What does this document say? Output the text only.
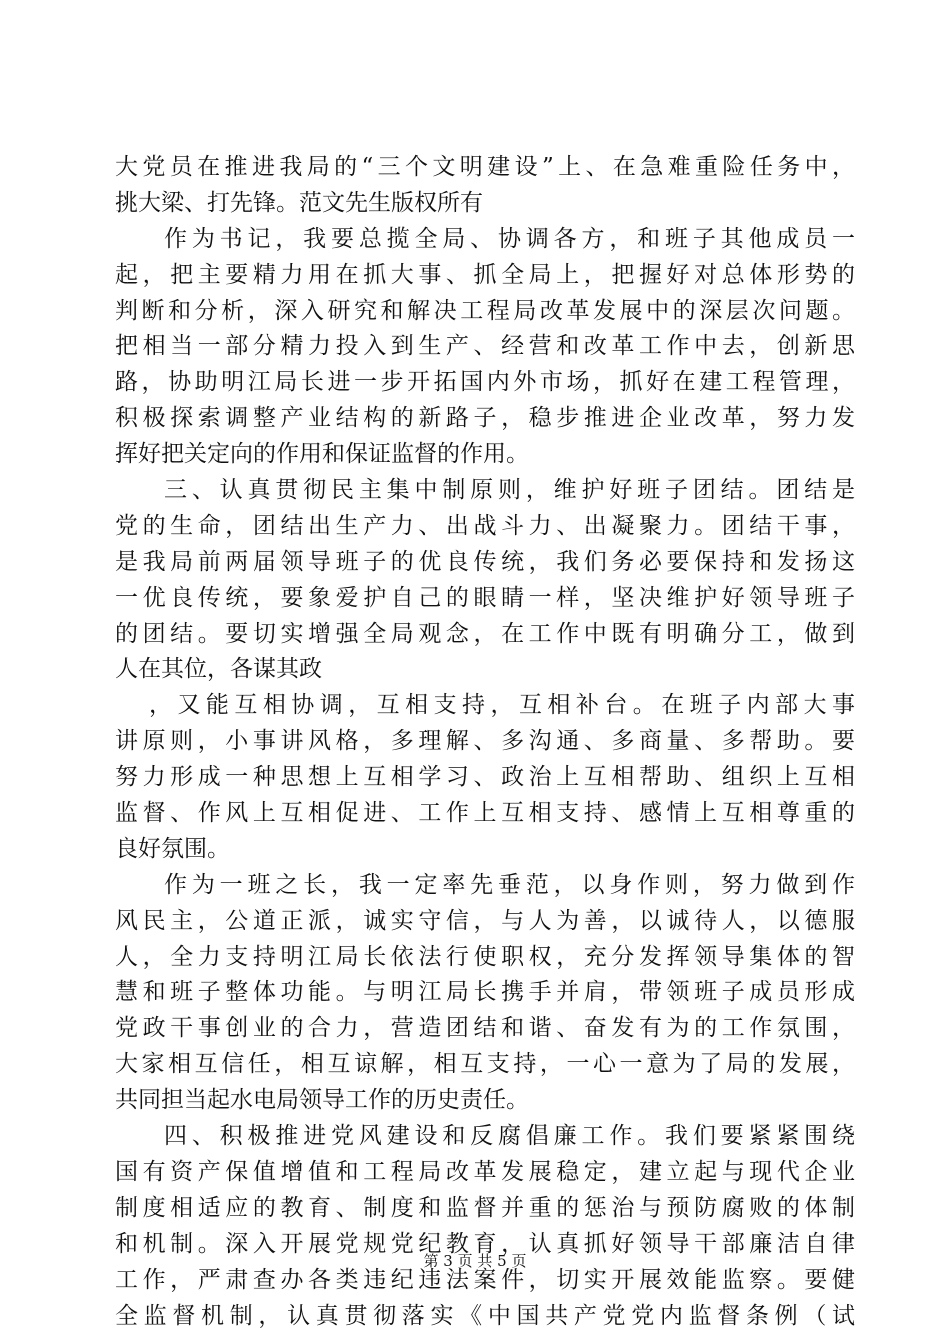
大党员在推进我局的“三个文明建设”上、在急难重险任务中，
挑大梁、打先锋。范文先生版权所有
作为书记，我要总揽全局、协调各方，和班子其他成员一
起，把主要精力用在抓大事、抓全局上，把握好对总体形势的
判断和分析，深入研究和解决工程局改革发展中的深层次问题。
把相当一部分精力投入到生产、经营和改革工作中去，创新思
路，协助明江局长进一步开拓国内外市场，抓好在建工程管理，
积极探索调整产业结构的新路子，稳步推进企业改革，努力发
挥好把关定向的作用和保证监督的作用。
三、认真贯彻民主集中制原则，维护好班子团结。团结是
党的生命，团结出生产力、出战斗力、出凝聚力。团结干事，
是我局前两届领导班子的优良传统，我们务必要保持和发扬这
一优良传统，要象爱护自己的眼睛一样，坚决维护好领导班子
的团结。要切实增强全局观念，在工作中既有明确分工，做到
人在其位，各谋其政
，又能互相协调，互相支持，互相补台。在班子内部大事
讲原则，小事讲风格，多理解、多沟通、多商量、多帮助。要
努力形成一种思想上互相学习、政治上互相帮助、组织上互相
监督、作风上互相促进、工作上互相支持、感情上互相尊重的
良好氛围。
作为一班之长，我一定率先垂范，以身作则，努力做到作
风民主，公道正派，诚实守信，与人为善，以诚待人，以德服
人，全力支持明江局长依法行使职权，充分发挥领导集体的智
慧和班子整体功能。与明江局长携手并肩，带领班子成员形成
党政干事创业的合力，营造团结和谐、奋发有为的工作氛围，
大家相互信任，相互谅解，相互支持，一心一意为了局的发展，
共同担当起水电局领导工作的历史责任。
四、积极推进党风建设和反腐倡廉工作。我们要紧紧围绕
国有资产保值增值和工程局改革发展稳定，建立起与现代企业
制度相适应的教育、制度和监督并重的惩治与预防腐败的体制
和机制。深入开展党规党纪教育，认真抓好领导干部廉洁自律
工作，严肃查办各类违纪违法案件，切实开展效能监察。要健
全监督机制，认真贯彻落实《中国共产党党内监督条例（试
第 3 页 共 5 页
